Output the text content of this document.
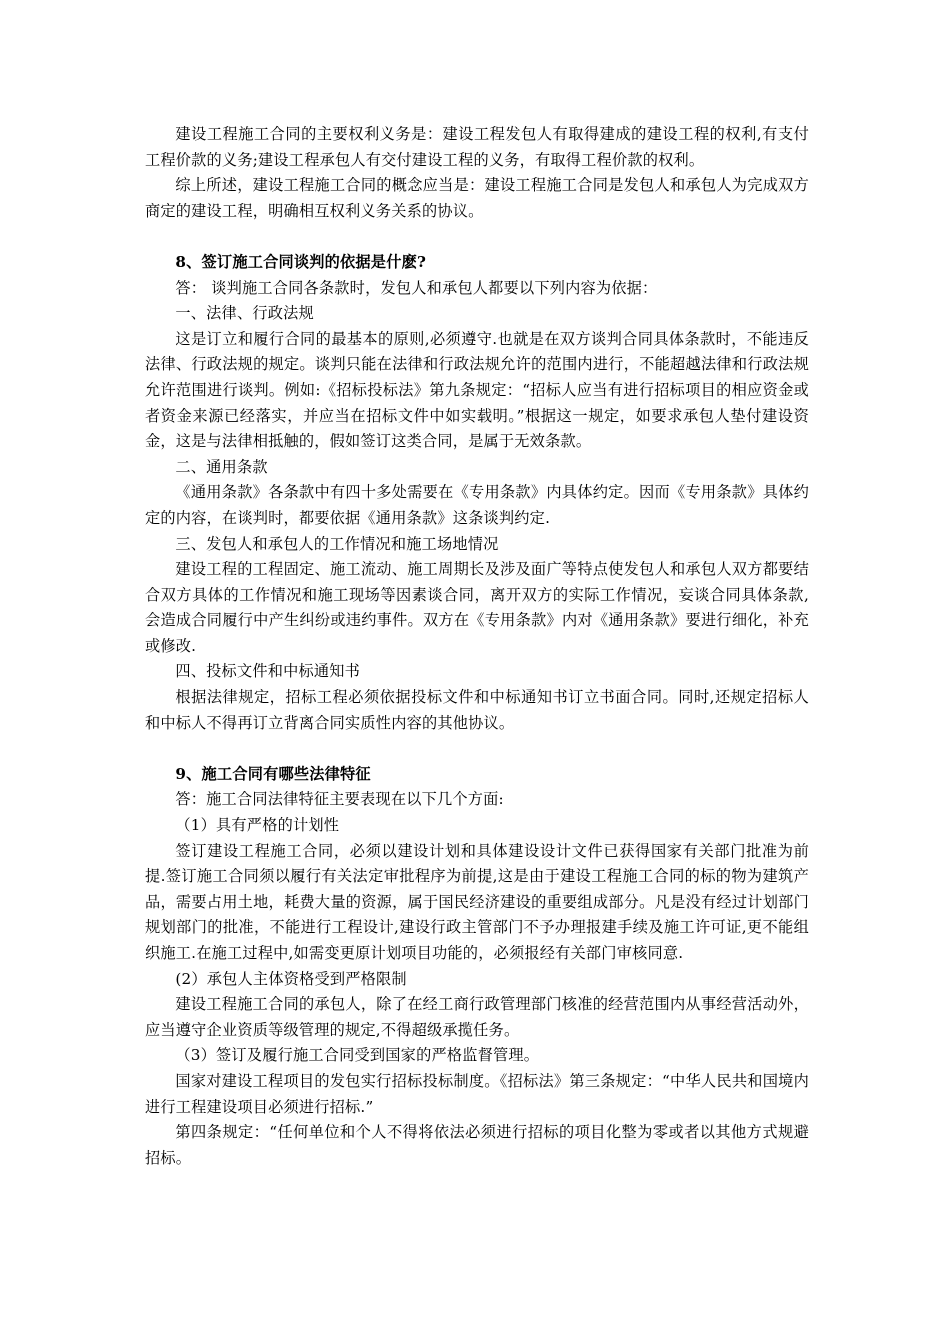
建设工程施工合同的主要权利义务是：建设工程发包人有取得建成的建设工程的权利,有支付工程价款的义务;建设工程承包人有交付建设工程的义务，有取得工程价款的权利。

综上所述，建设工程施工合同的概念应当是：建设工程施工合同是发包人和承包人为完成双方商定的建设工程，明确相互权利义务关系的协议。

8、签订施工合同谈判的依据是什麽?

答： 谈判施工合同各条款时，发包人和承包人都要以下列内容为依据：

一、法律、行政法规

这是订立和履行合同的最基本的原则,必须遵守.也就是在双方谈判合同具体条款时，不能违反法律、行政法规的规定。谈判只能在法律和行政法规允许的范围内进行，不能超越法律和行政法规允许范围进行谈判。例如:《招标投标法》第九条规定：“招标人应当有进行招标项目的相应资金或者资金来源已经落实，并应当在招标文件中如实载明。”根据这一规定，如要求承包人垫付建设资金，这是与法律相抵触的，假如签订这类合同，是属于无效条款。

二、通用条款

《通用条款》各条款中有四十多处需要在《专用条款》内具体约定。因而《专用条款》具体约定的内容，在谈判时，都要依据《通用条款》这条谈判约定.

三、发包人和承包人的工作情况和施工场地情况

建设工程的工程固定、施工流动、施工周期长及涉及面广等特点使发包人和承包人双方都要结合双方具体的工作情况和施工现场等因素谈合同，离开双方的实际工作情况，妄谈合同具体条款,会造成合同履行中产生纠纷或违约事件。双方在《专用条款》内对《通用条款》要进行细化，补充或修改.

四、投标文件和中标通知书

根据法律规定，招标工程必须依据投标文件和中标通知书订立书面合同。同时,还规定招标人和中标人不得再订立背离合同实质性内容的其他协议。

9、施工合同有哪些法律特征

答：施工合同法律特征主要表现在以下几个方面:

（1）具有严格的计划性

签订建设工程施工合同，必须以建设计划和具体建设设计文件已获得国家有关部门批准为前提.签订施工合同须以履行有关法定审批程序为前提,这是由于建设工程施工合同的标的物为建筑产品，需要占用土地，耗费大量的资源，属于国民经济建设的重要组成部分。凡是没有经过计划部门规划部门的批准，不能进行工程设计,建设行政主管部门不予办理报建手续及施工许可证,更不能组织施工.在施工过程中,如需变更原计划项目功能的，必须报经有关部门审核同意.

(2）承包人主体资格受到严格限制

建设工程施工合同的承包人，除了在经工商行政管理部门核准的经营范围内从事经营活动外，应当遵守企业资质等级管理的规定,不得超级承揽任务。

（3）签订及履行施工合同受到国家的严格监督管理。

国家对建设工程项目的发包实行招标投标制度。《招标法》第三条规定：“中华人民共和国境内进行工程建设项目必须进行招标.”

第四条规定：“任何单位和个人不得将依法必须进行招标的项目化整为零或者以其他方式规避招标。
